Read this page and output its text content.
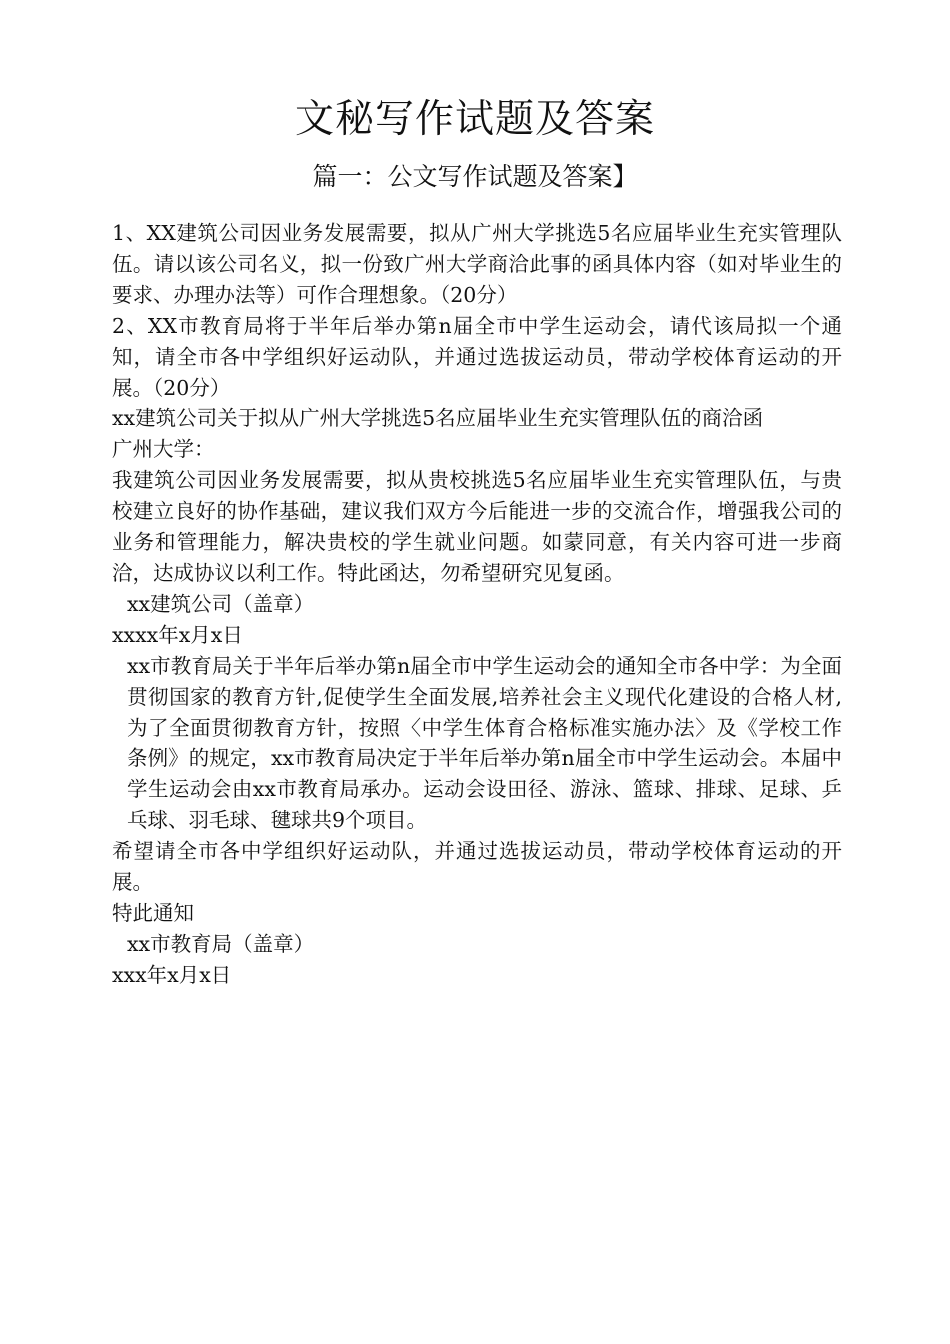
文秘写作试题及答案
篇一：公文写作试题及答案】

1、XX建筑公司因业务发展需要，拟从广州大学挑选5名应届毕业生充实管理队伍。请以该公司名义，拟一份致广州大学商洽此事的函具体内容（如对毕业生的要求、办理办法等）可作合理想象。（20分）

2、XX市教育局将于半年后举办第n届全市中学生运动会，请代该局拟一个通知，请全市各中学组织好运动队，并通过选拔运动员，带动学校体育运动的开展。（20分）

xx建筑公司关于拟从广州大学挑选5名应届毕业生充实管理队伍的商洽函

广州大学：

我建筑公司因业务发展需要，拟从贵校挑选5名应届毕业生充实管理队伍，与贵校建立良好的协作基础，建议我们双方今后能进一步的交流合作，增强我公司的业务和管理能力，解决贵校的学生就业问题。如蒙同意，有关内容可进一步商洽，达成协议以利工作。特此函达，勿希望研究见复函。

xx建筑公司（盖章）

xxxx年x月x日

xx市教育局关于半年后举办第n届全市中学生运动会的通知全市各中学：为全面贯彻国家的教育方针,促使学生全面发展,培养社会主义现代化建设的合格人材,为了全面贯彻教育方针，按照〈中学生体育合格标准实施办法〉及《学校工作条例》的规定，xx市教育局决定于半年后举办第n届全市中学生运动会。本届中学生运动会由xx市教育局承办。运动会设田径、游泳、篮球、排球、足球、乒乓球、羽毛球、毽球共9个项目。

希望请全市各中学组织好运动队，并通过选拔运动员，带动学校体育运动的开展。

特此通知

xx市教育局（盖章）

xxx年x月x日
